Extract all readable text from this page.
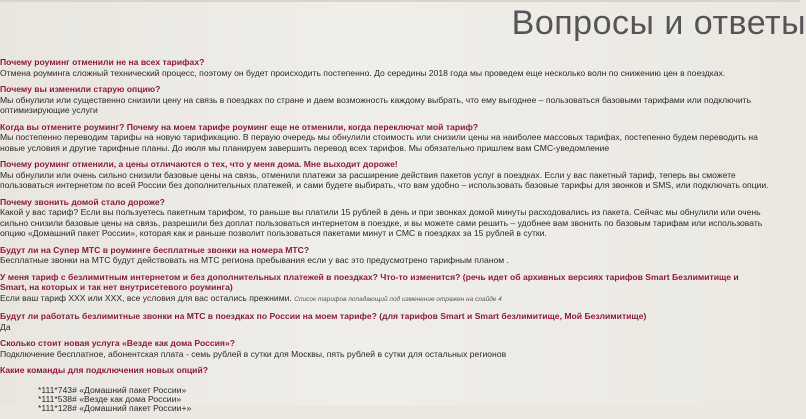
Вопросы и ответы
Почему роуминг отменили не на всех тарифах?
Отмена роуминга сложный технический процесс, поэтому он будет происходить постепенно. До середины 2018 года мы проведем еще несколько волн по снижению цен в поездках.
Почему вы изменили старую опцию?
Мы обнулили или существенно снизили цену на связь в поездках по стране и даем возможность каждому выбрать, что ему выгоднее – пользоваться базовыми тарифами или подключить
оптимизирующие услуги
Когда вы отмените роуминг? Почему на моем тарифе роуминг еще не отменили, когда переключат мой тариф?
Мы постепенно переводим тарифы на новую тарификацию. В первую очередь мы обнулили стоимость или снизили цены на наиболее массовых тарифах, постепенно будем переводить на
новые условия и другие тарифные планы. До июля мы планируем завершить перевод всех тарифов. Мы обязательно пришлем вам СМС-уведомление
Почему роуминг отменили, а цены отличаются о тех, что у меня дома. Мне выходит дорожe!
Мы обнулили или очень сильно снизили базовые цены на связь, отменили платежи за расширение действия пакетов услуг в поездках. Если у вас пакетный тариф, теперь вы сможете
пользоваться интернетом по всей России без дополнительных платежей, и сами будете выбирать, что вам удобно – использовать базовые тарифы для звонков и SMS, или подключать опции.
Почему звонить домой стало дороже?
Какой у вас тариф? Если вы пользуетесь пакетным тарифом, то раньше вы платили 15 рублей в день и при звонках домой минуты расходовались из пакета. Сейчас мы обнулили или очень
сильно снизили базовые цены на связь, разрешили без доплат пользоваться интернетом в поездке, и вы можете сами решить – удобнее вам звонить по базовым тарифам или использовать
опцию «Домашний пакет России», которая как и раньше позволит пользоваться пакетами минут и СМС в поездках за 15 рублей в сутки.
Будут ли на Супер МТС в роуминге бесплатные звонки на номера МТС?
Бесплатные звонки на МТС будут действовать на МТС региона пребывания если у вас это предусмотрено тарифным планом .
У меня тариф с безлимитным интернетом и без дополнительных платежей в поездках? Что-то изменится? (речь идет об архивных версиях тарифов Smart Безлимитище и
Smart, на которых и так нет внутрисетевого роуминга)
Если ваш тариф XXX или XXX, все условия для вас остались прежними. Список тарифов попадающий под изменение отражен на слайде 4
Будут ли работать безлимитные звонки на МТС в поездках по России на моем тарифе? (для тарифов Smart и Smart безлимитище, Мой Безлимитище)
Да
Сколько стоит новая услуга «Везде как дома Россия»?
Подключение бесплатное, абонентская плата - семь рублей в сутки для Москвы, пять рублей в сутки для остальных регионов
Какие команды для подключения новых опций?
*111*743# «Домашний пакет России»
*111*538# «Везде как дома России»
*111*128# «Домашний пакет России+»
